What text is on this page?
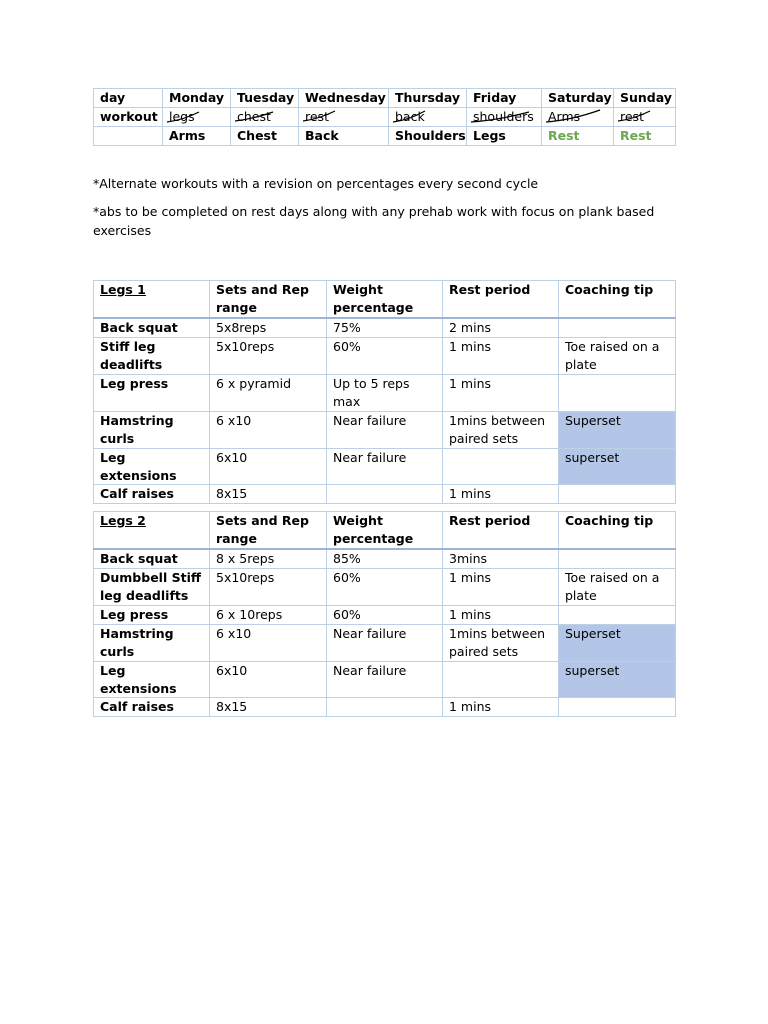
day	Monday	Tuesday	Wednesday	Thursday	Friday	Saturday	Sunday
workout	legs	chest	rest	back	shoulders	Arms	rest

	Arms	Chest	Back	Shoulders	Legs	Rest	Rest
*Alternate workouts with a revision on percentages every second cycle
*abs to be completed on rest days along with any prehab work with focus on plank based exercises
Legs 1	Sets and Rep range	Weight percentage	Rest period	Coaching tip
Back squat	5x8reps	75%	2 mins	
Stiff leg deadlifts	5x10reps	60%	1 mins	Toe raised on a plate
Leg press	6 x pyramid	Up to 5 reps max	1 mins	
Hamstring curls	6 x10	Near failure	1mins between paired sets	Superset
Leg extensions	6x10	Near failure		superset
Calf raises	8x15		1 mins	
Legs 2	Sets and Rep range	Weight percentage	Rest period	Coaching tip
Back squat	8 x 5reps	85%	3mins	
Dumbbell Stiff leg deadlifts	5x10reps	60%	1 mins	Toe raised on a plate
Leg press	6 x 10reps	60%	1 mins	
Hamstring curls	6 x10	Near failure	1mins between paired sets	Superset
Leg extensions	6x10	Near failure		superset
Calf raises	8x15		1 mins	
